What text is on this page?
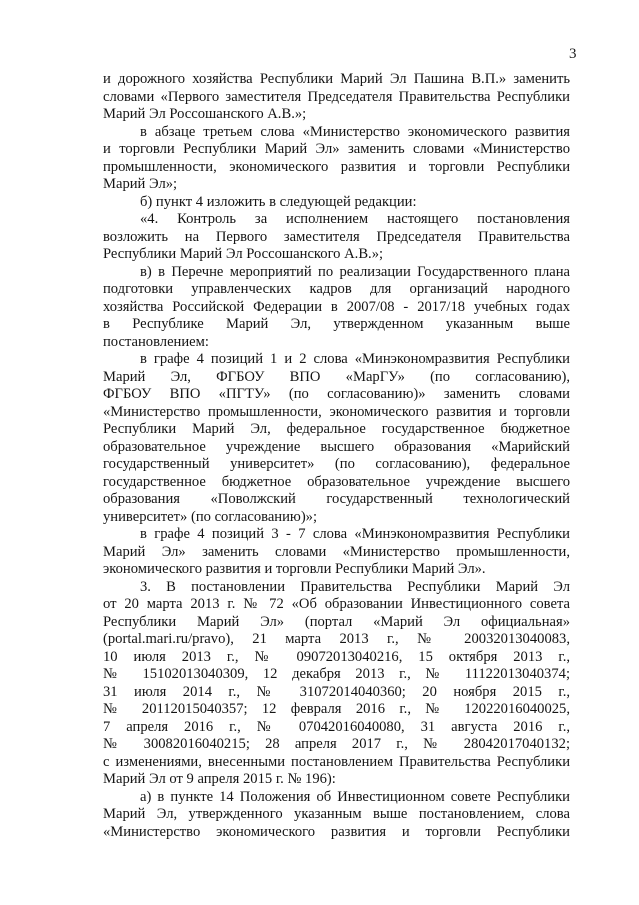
3
и дорожного хозяйства Республики Марий Эл Пашина В.П.» заменить
словами «Первого заместителя Председателя Правительства Республики
Марий Эл Россошанского А.В.»;
в абзаце третьем слова «Министерство экономического развития
и торговли Республики Марий Эл» заменить словами «Министерство
промышленности, экономического развития и торговли Республики
Марий Эл»;
б) пункт 4 изложить в следующей редакции:
«4. Контроль за исполнением настоящего постановления
возложить на Первого заместителя Председателя Правительства
Республики Марий Эл Россошанского А.В.»;
в) в Перечне мероприятий по реализации Государственного плана
подготовки управленческих кадров для организаций народного
хозяйства Российской Федерации в 2007/08 - 2017/18 учебных годах
в Республике Марий Эл, утвержденном указанным выше
постановлением:
в графе 4 позиций 1 и 2 слова «Минэкономразвития Республики
Марий Эл, ФГБОУ ВПО «МарГУ» (по согласованию),
ФГБОУ ВПО «ПГТУ» (по согласованию)» заменить словами
«Министерство промышленности, экономического развития и торговли
Республики Марий Эл, федеральное государственное бюджетное
образовательное учреждение высшего образования «Марийский
государственный университет» (по согласованию), федеральное
государственное бюджетное образовательное учреждение высшего
образования «Поволжский государственный технологический
университет» (по согласованию)»;
в графе 4 позиций 3 - 7 слова «Минэкономразвития Республики
Марий Эл» заменить словами «Министерство промышленности,
экономического развития и торговли Республики Марий Эл».
3. В постановлении Правительства Республики Марий Эл
от 20 марта 2013 г. № 72 «Об образовании Инвестиционного совета
Республики Марий Эл» (портал «Марий Эл официальная»
(portal.mari.ru/pravo), 21 марта 2013 г., № 20032013040083,
10 июля 2013 г., № 09072013040216, 15 октября 2013 г.,
№ 15102013040309, 12 декабря 2013 г., № 11122013040374;
31 июля 2014 г., № 31072014040360; 20 ноября 2015 г.,
№ 20112015040357; 12 февраля 2016 г., № 12022016040025,
7 апреля 2016 г., № 07042016040080, 31 августа 2016 г.,
№ 30082016040215; 28 апреля 2017 г., № 28042017040132;
с изменениями, внесенными постановлением Правительства Республики
Марий Эл от 9 апреля 2015 г. № 196):
а) в пункте 14 Положения об Инвестиционном совете Республики
Марий Эл, утвержденного указанным выше постановлением, слова
«Министерство экономического развития и торговли Республики
